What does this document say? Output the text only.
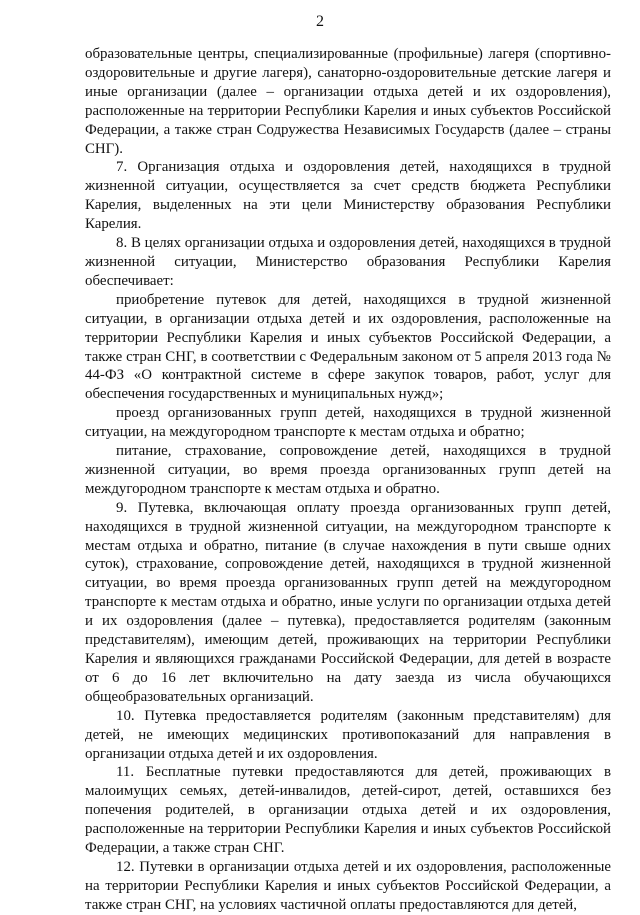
2

образовательные центры, специализированные (профильные) лагеря (спортивно-оздоровительные и другие лагеря), санаторно-оздоровительные детские лагеря и иные организации (далее – организации отдыха детей и их оздоровления), расположенные на территории Республики Карелия и иных субъектов Российской Федерации, а также стран Содружества Независимых Государств (далее – страны СНГ).

7. Организация отдыха и оздоровления детей, находящихся в трудной жизненной ситуации, осуществляется за счет средств бюджета Республики Карелия, выделенных на эти цели Министерству образования Республики Карелия.

8. В целях организации отдыха и оздоровления детей, находящихся в трудной жизненной ситуации, Министерство образования Республики Карелия обеспечивает:

приобретение путевок для детей, находящихся в трудной жизненной ситуации, в организации отдыха детей и их оздоровления, расположенные на территории Республики Карелия и иных субъектов Российской Федерации, а также стран СНГ, в соответствии с Федеральным законом от 5 апреля 2013 года № 44-ФЗ «О контрактной системе в сфере закупок товаров, работ, услуг для обеспечения государственных и муниципальных нужд»;

проезд организованных групп детей, находящихся в трудной жизненной ситуации, на междугородном транспорте к местам отдыха и обратно;

питание, страхование, сопровождение детей, находящихся в трудной жизненной ситуации, во время проезда организованных групп детей на междугородном транспорте к местам отдыха и обратно.

9. Путевка, включающая оплату проезда организованных групп детей, находящихся в трудной жизненной ситуации, на междугородном транспорте к местам отдыха и обратно, питание (в случае нахождения в пути свыше одних суток), страхование, сопровождение детей, находящихся в трудной жизненной ситуации, во время проезда организованных групп детей на междугородном транспорте к местам отдыха и обратно, иные услуги по организации отдыха детей и их оздоровления (далее – путевка), предоставляется родителям (законным представителям), имеющим детей, проживающих на территории Республики Карелия и являющихся гражданами Российской Федерации, для детей в возрасте от 6 до 16 лет включительно на дату заезда из числа обучающихся общеобразовательных организаций.

10. Путевка предоставляется родителям (законным представителям) для детей, не имеющих медицинских противопоказаний для направления в организации отдыха детей и их оздоровления.

11. Бесплатные путевки предоставляются для детей, проживающих в малоимущих семьях, детей-инвалидов, детей-сирот, детей, оставшихся без попечения родителей, в организации отдыха детей и их оздоровления, расположенные на территории Республики Карелия и иных субъектов Российской Федерации, а также стран СНГ.

12. Путевки в организации отдыха детей и их оздоровления, расположенные на территории Республики Карелия и иных субъектов Российской Федерации, а также стран СНГ, на условиях частичной оплаты предоставляются для детей,
